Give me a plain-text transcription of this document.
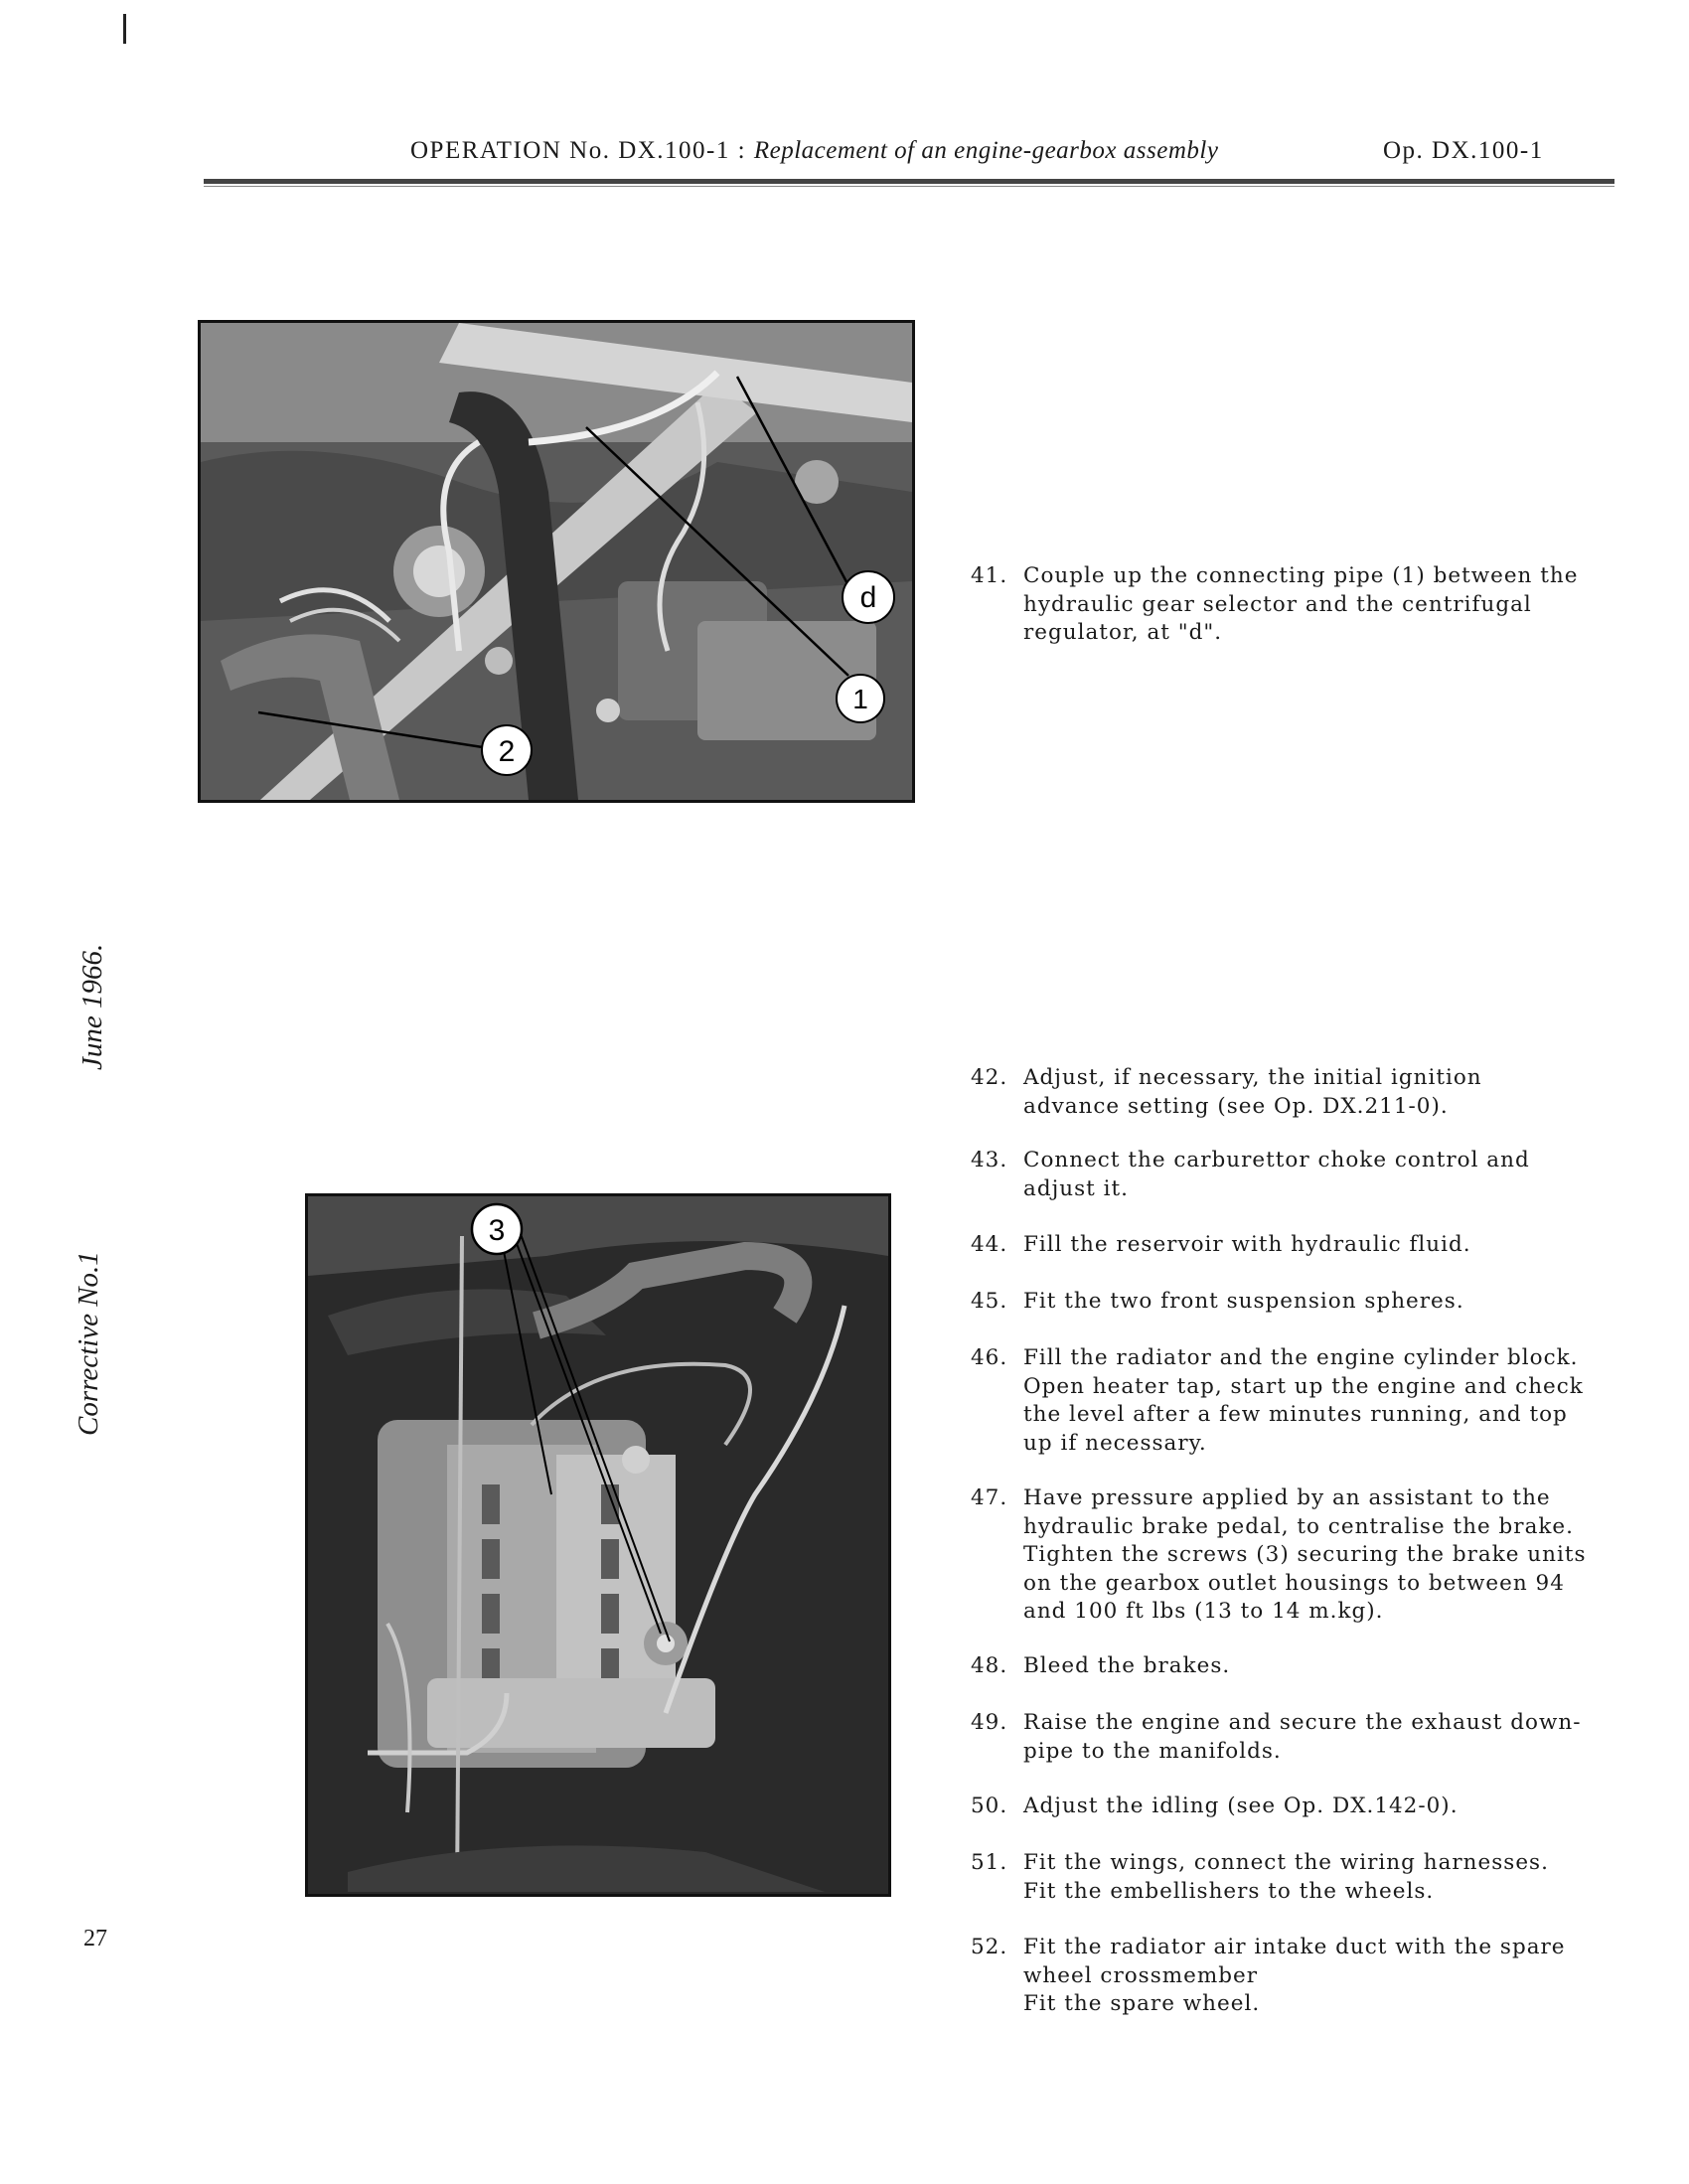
OPERATION No. DX.100-1 : Replacement of an engine-gearbox assembly	Op. DX.100-1
June 1966.
Corrective No.1
27
d
1
2
3
41. Couple up the connecting pipe (1) between the
hydraulic gear selector and the centrifugal
regulator, at "d".
42. Adjust, if necessary, the initial ignition
advance setting (see Op. DX.211-0).
43. Connect the carburettor choke control and
adjust it.
44. Fill the reservoir with hydraulic fluid.
45. Fit the two front suspension spheres.
46. Fill the radiator and the engine cylinder block.
Open heater tap, start up the engine and check
the level after a few minutes running, and top
up if necessary.
47. Have pressure applied by an assistant to the
hydraulic brake pedal, to centralise the brake.
Tighten the screws (3) securing the brake units
on the gearbox outlet housings to between 94
and 100 ft lbs (13 to 14 m.kg).
48. Bleed the brakes.
49. Raise the engine and secure the exhaust down-
pipe to the manifolds.
50. Adjust the idling (see Op. DX.142-0).
51. Fit the wings, connect the wiring harnesses.
Fit the embellishers to the wheels.
52. Fit the radiator air intake duct with the spare
wheel crossmember
Fit the spare wheel.
